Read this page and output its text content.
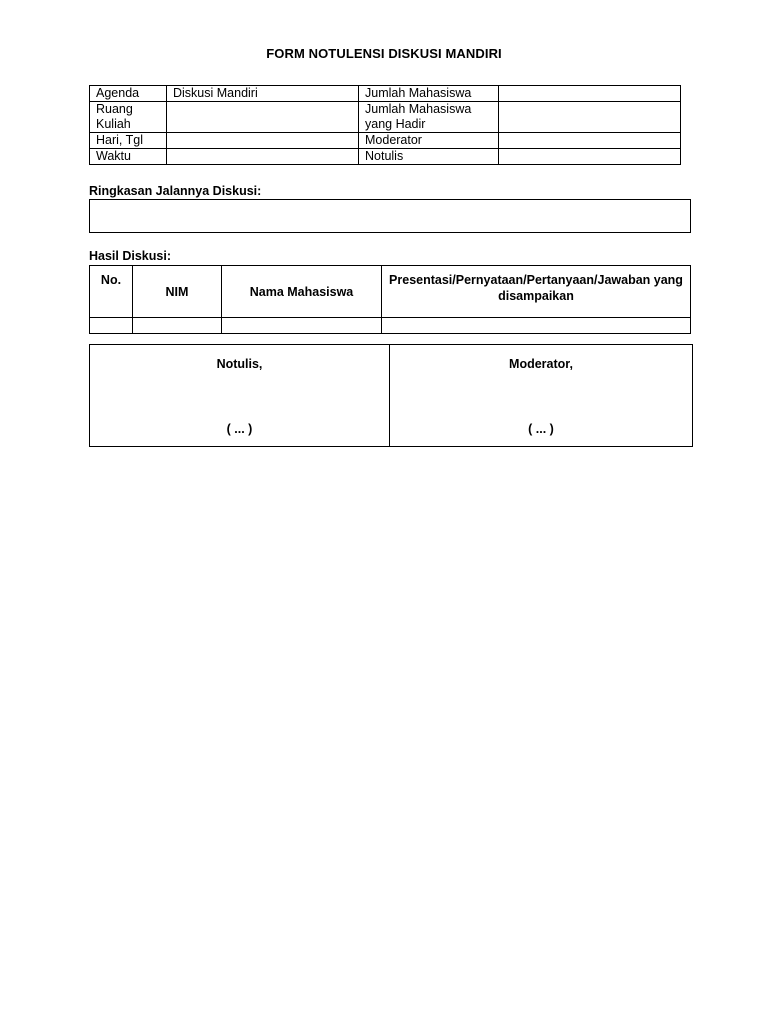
FORM NOTULENSI DISKUSI MANDIRI
Agenda	Diskusi Mandiri	Jumlah Mahasiswa	
Ruang Kuliah		Jumlah Mahasiswa yang Hadir	
Hari, Tgl		Moderator	
Waktu		Notulis	
Ringkasan Jalannya Diskusi:
Hasil Diskusi:
No.	NIM	Nama Mahasiswa	Presentasi/Pernyataan/Pertanyaan/Jawaban yang disampaikan

Notulis,
( ... )

Moderator,
( ... )
